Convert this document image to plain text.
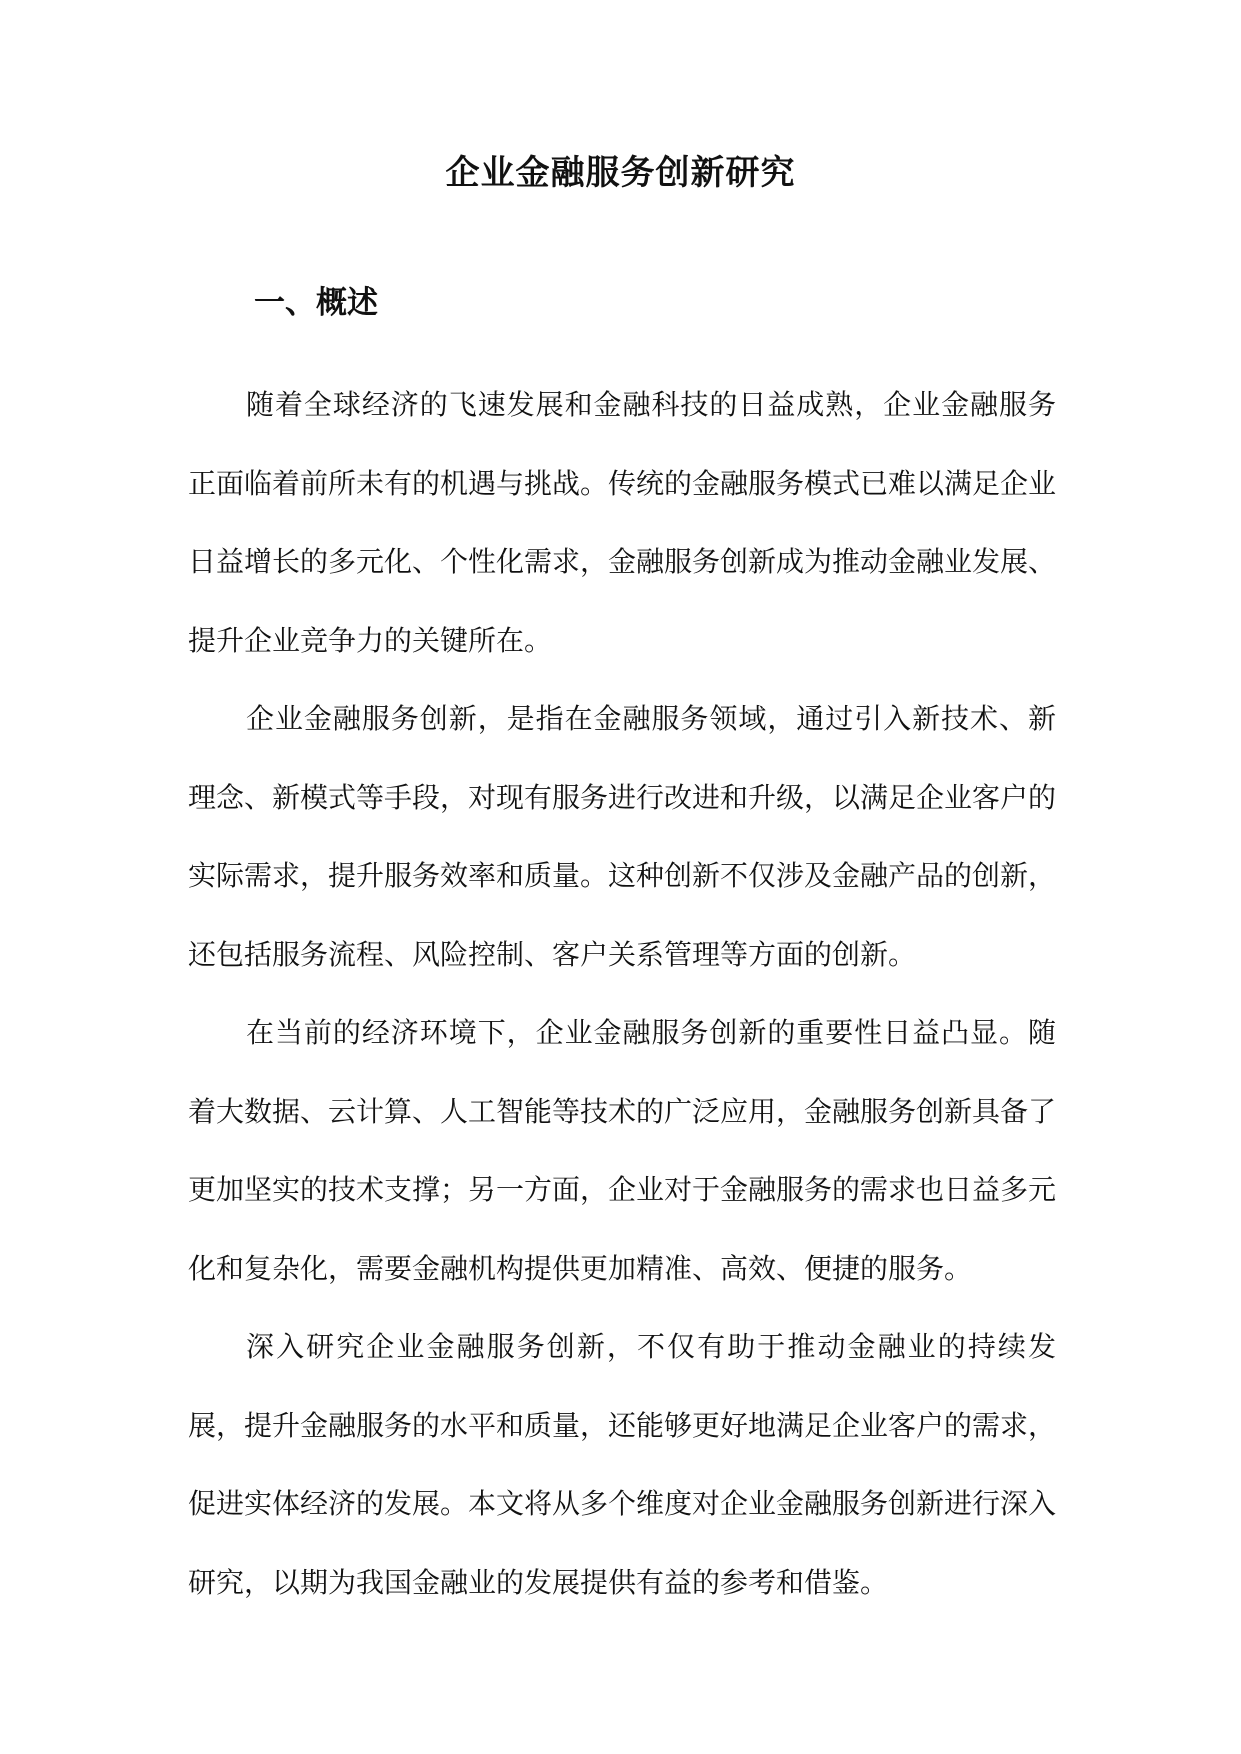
企业金融服务创新研究
一、概述

随着全球经济的飞速发展和金融科技的日益成熟，企业金融服务正面临着前所未有的机遇与挑战。传统的金融服务模式已难以满足企业日益增长的多元化、个性化需求，金融服务创新成为推动金融业发展、提升企业竞争力的关键所在。

企业金融服务创新，是指在金融服务领域，通过引入新技术、新理念、新模式等手段，对现有服务进行改进和升级，以满足企业客户的实际需求，提升服务效率和质量。这种创新不仅涉及金融产品的创新，还包括服务流程、风险控制、客户关系管理等方面的创新。

在当前的经济环境下，企业金融服务创新的重要性日益凸显。随着大数据、云计算、人工智能等技术的广泛应用，金融服务创新具备了更加坚实的技术支撑；另一方面，企业对于金融服务的需求也日益多元化和复杂化，需要金融机构提供更加精准、高效、便捷的服务。

深入研究企业金融服务创新，不仅有助于推动金融业的持续发展，提升金融服务的水平和质量，还能够更好地满足企业客户的需求，促进实体经济的发展。本文将从多个维度对企业金融服务创新进行深入研究，以期为我国金融业的发展提供有益的参考和借鉴。
